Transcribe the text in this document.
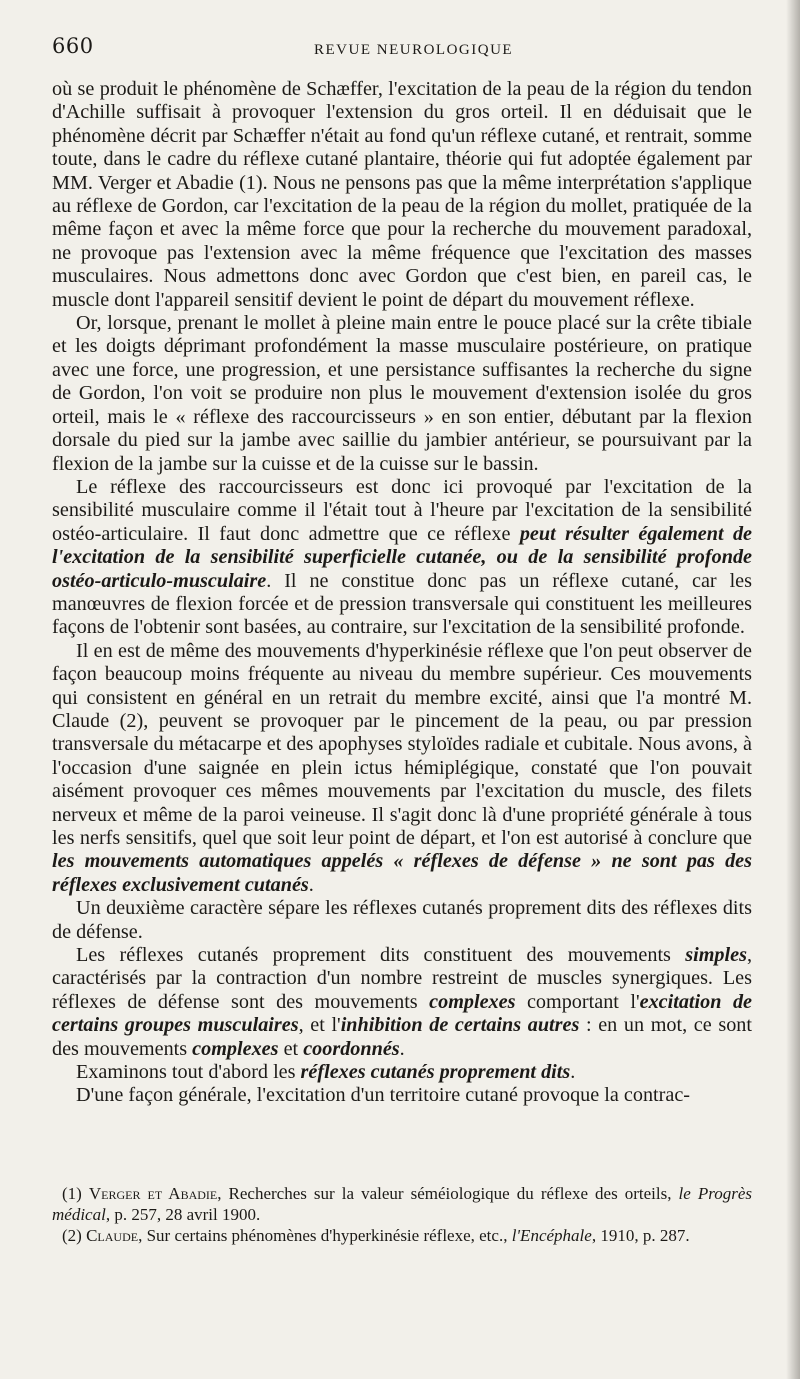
660	REVUE NEUROLOGIQUE

où se produit le phénomène de Schæffer, l'excitation de la peau de la région du tendon d'Achille suffisait à provoquer l'extension du gros orteil. Il en déduisait que le phénomène décrit par Schæffer n'était au fond qu'un réflexe cutané, et rentrait, somme toute, dans le cadre du réflexe cutané plantaire, théorie qui fut adoptée également par MM. Verger et Abadie (1). Nous ne pensons pas que la même interprétation s'applique au réflexe de Gordon, car l'excitation de la peau de la région du mollet, pratiquée de la même façon et avec la même force que pour la recherche du mouvement paradoxal, ne provoque pas l'extension avec la même fréquence que l'excitation des masses musculaires. Nous admettons donc avec Gordon que c'est bien, en pareil cas, le muscle dont l'appareil sensitif devient le point de départ du mouvement réflexe.

Or, lorsque, prenant le mollet à pleine main entre le pouce placé sur la crête tibiale et les doigts déprimant profondément la masse musculaire postérieure, on pratique avec une force, une progression, et une persistance suffisantes la recherche du signe de Gordon, l'on voit se produire non plus le mouvement d'extension isolée du gros orteil, mais le « réflexe des raccourcisseurs » en son entier, débutant par la flexion dorsale du pied sur la jambe avec saillie du jambier antérieur, se poursuivant par la flexion de la jambe sur la cuisse et de la cuisse sur le bassin.

Le réflexe des raccourcisseurs est donc ici provoqué par l'excitation de la sensibilité musculaire comme il l'était tout à l'heure par l'excitation de la sensibilité ostéo-articulaire. Il faut donc admettre que ce réflexe peut résulter également de l'excitation de la sensibilité superficielle cutanée, ou de la sensibilité profonde ostéo-articulo-musculaire. Il ne constitue donc pas un réflexe cutané, car les manœuvres de flexion forcée et de pression transversale qui constituent les meilleures façons de l'obtenir sont basées, au contraire, sur l'excitation de la sensibilité profonde.

Il en est de même des mouvements d'hyperkinésie réflexe que l'on peut observer de façon beaucoup moins fréquente au niveau du membre supérieur. Ces mouvements qui consistent en général en un retrait du membre excité, ainsi que l'a montré M. Claude (2), peuvent se provoquer par le pincement de la peau, ou par pression transversale du métacarpe et des apophyses styloïdes radiale et cubitale. Nous avons, à l'occasion d'une saignée en plein ictus hémiplégique, constaté que l'on pouvait aisément provoquer ces mêmes mouvements par l'excitation du muscle, des filets nerveux et même de la paroi veineuse. Il s'agit donc là d'une propriété générale à tous les nerfs sensitifs, quel que soit leur point de départ, et l'on est autorisé à conclure que les mouvements automatiques appelés « réflexes de défense » ne sont pas des réflexes exclusivement cutanés.

Un deuxième caractère sépare les réflexes cutanés proprement dits des réflexes dits de défense.

Les réflexes cutanés proprement dits constituent des mouvements simples, caractérisés par la contraction d'un nombre restreint de muscles synergiques. Les réflexes de défense sont des mouvements complexes comportant l'excitation de certains groupes musculaires, et l'inhibition de certains autres : en un mot, ce sont des mouvements complexes et coordonnés.

Examinons tout d'abord les réflexes cutanés proprement dits.

D'une façon générale, l'excitation d'un territoire cutané provoque la contrac-

(1) Verger et Abadie, Recherches sur la valeur séméiologique du réflexe des orteils, le Progrès médical, p. 257, 28 avril 1900.

(2) Claude, Sur certains phénomènes d'hyperkinésie réflexe, etc., l'Encéphale, 1910, p. 287.
